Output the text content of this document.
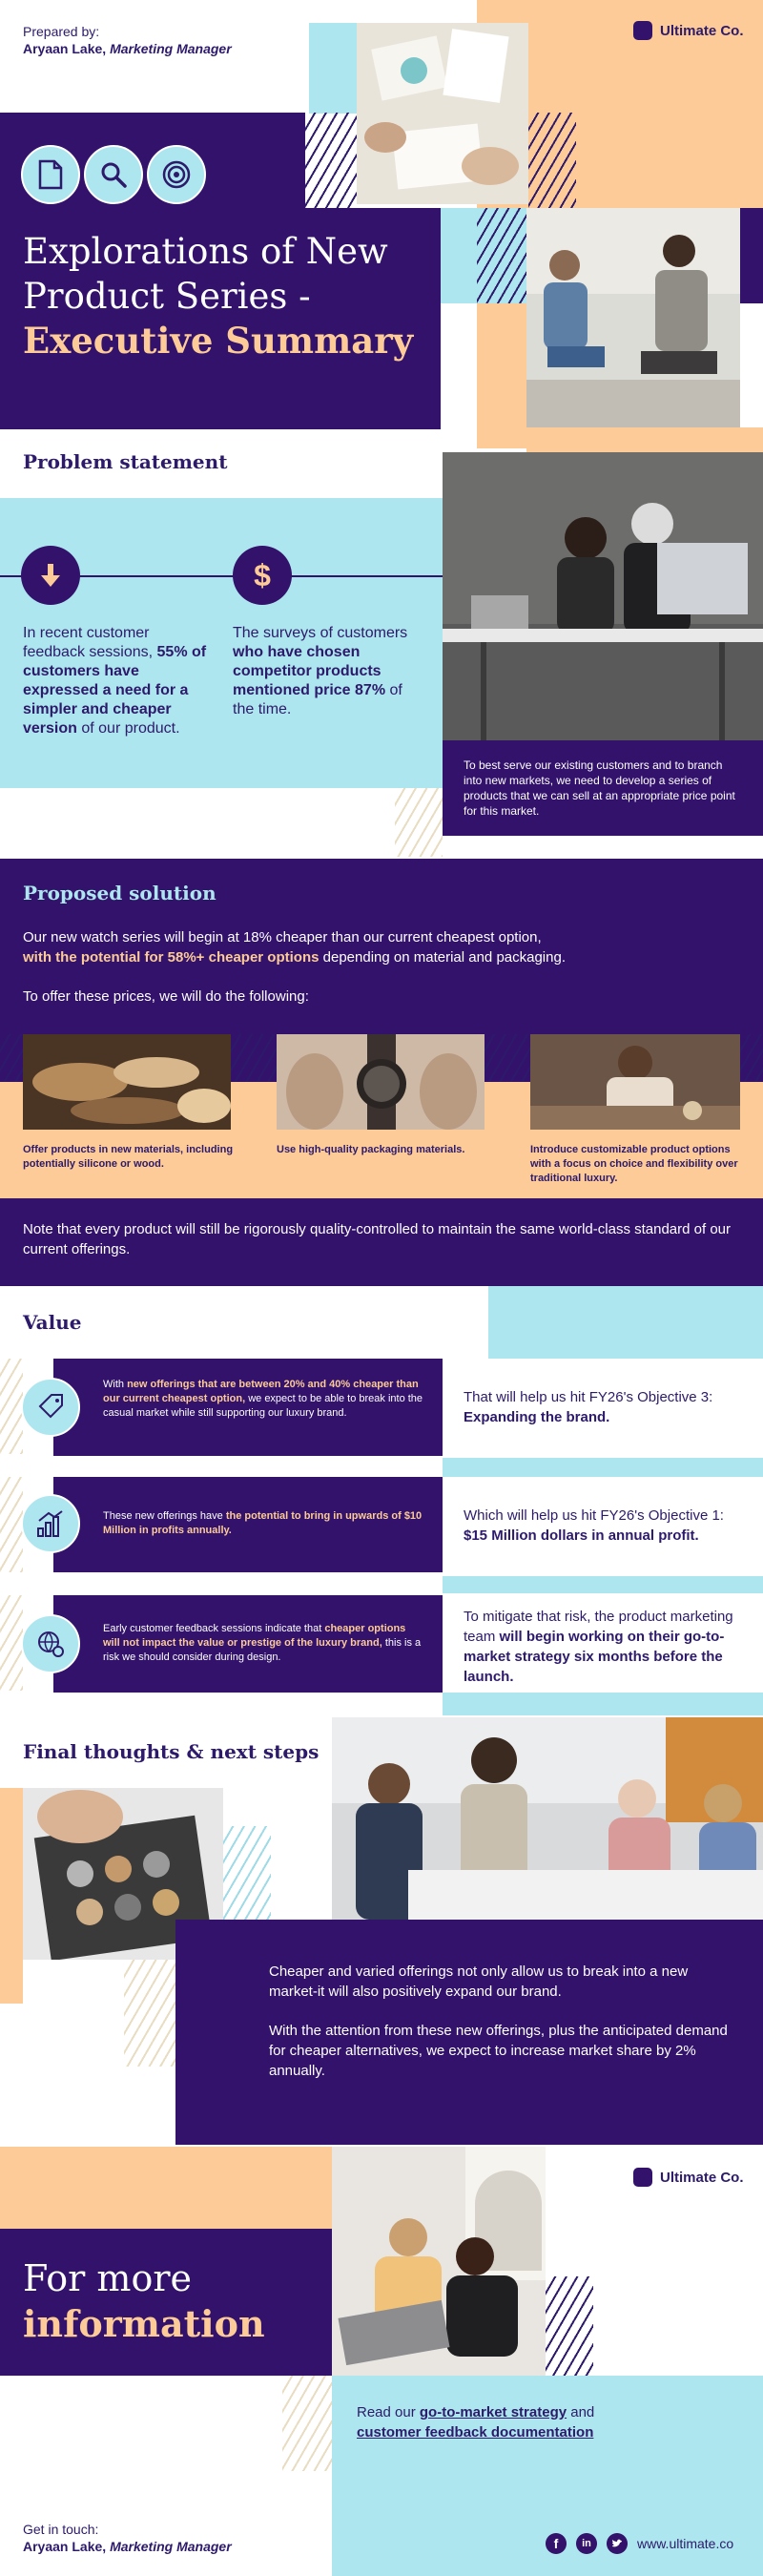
Prepared by:
Aryaan Lake, Marketing Manager
Ultimate Co.
Explorations of New
Product Series -
Executive Summary
Problem statement
$
In recent customer feedback sessions, 55% of customers have expressed a need for a simpler and cheaper version of our product.
The surveys of customers who have chosen competitor products mentioned price 87% of the time.
To best serve our existing customers and to branch into new markets, we need to develop a series of products that we can sell at an appropriate price point for this market.
Proposed solution
Our new watch series will begin at 18% cheaper than our current cheapest option,
with the potential for 58%+ cheaper options depending on material and packaging.
To offer these prices, we will do the following:
Offer products in new materials, including potentially silicone or wood.
Use high-quality packaging materials.	Introduce customizable product options with a focus on choice and flexibility over traditional luxury.
Note that every product will still be rigorously quality-controlled to maintain the same world-class standard of our current offerings.
Value
With new offerings that are between 20% and 40% cheaper than our current cheapest option, we expect to be able to break into the casual market while still supporting our luxury brand.
That will help us hit FY26's Objective 3:
Expanding the brand.
These new offerings have the potential to bring in upwards of $10 Million in profits annually.
Which will help us hit FY26's Objective 1:
$15 Million dollars in annual profit.
Early customer feedback sessions indicate that cheaper options will not impact the value or prestige of the luxury brand, this is a risk we should consider during design.
To mitigate that risk, the product marketing team will begin working on their go-to-market strategy six months before the launch.
Final thoughts & next steps
Cheaper and varied offerings not only allow us to break into a new market-it will also positively expand our brand.
With the attention from these new offerings, plus the anticipated demand for cheaper alternatives, we expect to increase market share by 2% annually.
Ultimate Co.
For more
information
Read our go-to-market strategy and
customer feedback documentation
Get in touch:
Aryaan Lake, Marketing Manager	f	in	www.ultimate.co
